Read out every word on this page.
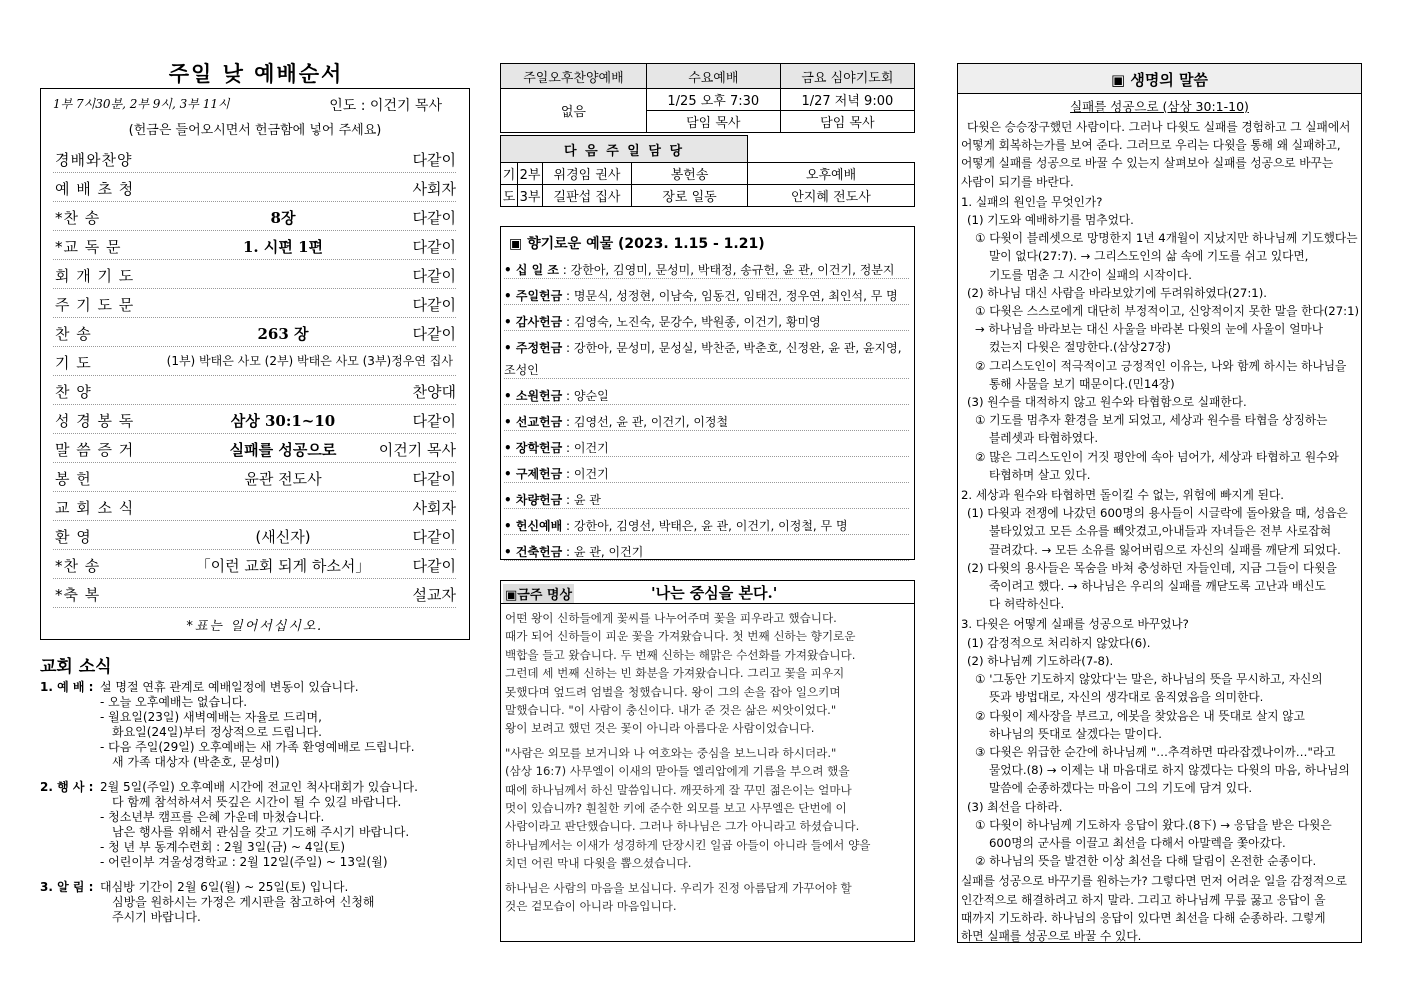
주일 낮 예배순서
1부 7시30분, 2부 9시, 3부 11시	인도 : 이건기 목사
(헌금은 들어오시면서 헌금함에 넣어 주세요)
경배와찬양	다같이
예 배 초 청	사회자
*찬 송	8장	다같이
*교 독 문	1. 시편 1편	다같이
회 개 기 도	다같이
주 기 도 문	다같이
찬 송	263 장	다같이
기 도	(1부) 박태은 사모 (2부) 박태은 사모 (3부)정우연 집사
찬 양	찬양대
성 경 봉 독	삼상 30:1~10	다같이
말 씀 증 거	실패를 성공으로	이건기 목사
봉 헌	윤관 전도사	다같이
교 회 소 식	사회자
환 영	(새신자)	다같이
*찬 송	「이런 교회 되게 하소서」	다같이
*축 복	설교자
*표는 일어서십시오.
교회 소식
1. 예 배 : 설 명절 연휴 관계로 예배일정에 변동이 있습니다.
- 오늘 오후예배는 없습니다.
- 월요일(23일) 새벽예배는 자율로 드리며,
화요일(24일)부터 정상적으로 드립니다.
- 다음 주일(29일) 오후예배는 새 가족 환영예배로 드립니다.
새 가족 대상자 (박춘호, 문성미)
2. 행 사 : 2월 5일(주일) 오후예배 시간에 전교인 척사대회가 있습니다.
다 함께 참석하셔서 뜻깊은 시간이 될 수 있길 바랍니다.
- 청소년부 캠프를 은혜 가운데 마쳤습니다.
남은 행사를 위해서 관심을 갖고 기도해 주시기 바랍니다.
- 청 년 부 동계수련회 : 2월 3일(금) ~ 4일(토)
- 어린이부 겨울성경학교 : 2월 12일(주일) ~ 13일(월)
3. 알 림 : 대심방 기간이 2월 6일(월) ~ 25일(토) 입니다.
심방을 원하시는 가정은 게시판을 참고하여 신청해
주시기 바랍니다.
주일오후찬양예배	수요예배	금요 심야기도회
없음	1/25 오후 7:30	1/27 저녁 9:00
	담임 목사	담임 목사
다 음 주 일 담 당				
기	2부	위경임 권사	봉헌송	오후예배
도	3부	길판섭 집사	장로 일동	안지혜 전도사
▣ 향기로운 예물 (2023. 1.15 - 1.21)
• 십 일 조 : 강한아, 김영미, 문성미, 박태정, 송규헌, 윤 관, 이건기, 정분지
• 주일헌금 : 명문식, 성정현, 이남숙, 임동건, 임태건, 정우연, 최인석, 무 명
• 감사헌금 : 김영숙, 노진숙, 문강수, 박원종, 이건기, 황미영
• 주정헌금 : 강한아, 문성미, 문성실, 박찬준, 박춘호, 신정완, 윤 관, 윤지영,
조성인
• 소원헌금 : 양순일
• 선교헌금 : 김영선, 윤 관, 이건기, 이정철
• 장학헌금 : 이건기
• 구제헌금 : 이건기
• 차량헌금 : 윤 관
• 헌신예배 : 강한아, 김영선, 박태은, 윤 관, 이건기, 이정철, 무 명
• 건축헌금 : 윤 관, 이건기
▣금주 명상	'나는 중심을 본다.'

어떤 왕이 신하들에게 꽃씨를 나누어주며 꽃을 피우라고 했습니다.
때가 되어 신하들이 피운 꽃을 가져왔습니다. 첫 번째 신하는 향기로운
백합을 들고 왔습니다. 두 번째 신하는 해맑은 수선화를 가져왔습니다.
그런데 세 번째 신하는 빈 화분을 가져왔습니다. 그리고 꽃을 피우지
못했다며 엎드려 엄벌을 청했습니다. 왕이 그의 손을 잡아 일으키며
말했습니다. "이 사람이 충신이다. 내가 준 것은 삶은 씨앗이었다."
왕이 보려고 했던 것은 꽃이 아니라 아름다운 사람이었습니다.

"사람은 외모를 보거니와 나 여호와는 중심을 보느니라 하시더라."
(삼상 16:7) 사무엘이 이새의 맏아들 엘리압에게 기름을 부으려 했을
때에 하나님께서 하신 말씀입니다. 깨끗하게 잘 꾸민 젊은이는 얼마나
멋이 있습니까? 훤칠한 키에 준수한 외모를 보고 사무엘은 단번에 이
사람이라고 판단했습니다. 그러나 하나님은 그가 아니라고 하셨습니다.
하나님께서는 이새가 성경하게 단장시킨 일곱 아들이 아니라 들에서 양을
치던 어린 막내 다윗을 뽑으셨습니다.

하나님은 사람의 마음을 보십니다. 우리가 진정 아름답게 가꾸어야 할
것은 겉모습이 아니라 마음입니다.

▣ 생명의 말씀
실패를 성공으로 (삼상 30:1-10)
다윗은 승승장구했던 사람이다. 그러나 다윗도 실패를 경험하고 그 실패에서
어떻게 회복하는가를 보여 준다. 그러므로 우리는 다윗을 통해 왜 실패하고,
어떻게 실패를 성공으로 바꿀 수 있는지 살펴보아 실패를 성공으로 바꾸는
사람이 되기를 바란다.
1. 실패의 원인을 무엇인가?
(1) 기도와 예배하기를 멈추었다.
① 다윗이 블레셋으로 망명한지 1년 4개월이 지났지만 하나님께 기도했다는
말이 없다(27:7). → 그리스도인의 삶 속에 기도를 쉬고 있다면,
기도를 멈춘 그 시간이 실패의 시작이다.
(2) 하나님 대신 사람을 바라보았기에 두려워하였다(27:1).
① 다윗은 스스로에게 대단히 부정적이고, 신앙적이지 못한 말을 한다(27:1)
→ 하나님을 바라보는 대신 사울을 바라본 다윗의 눈에 사울이 얼마나
컸는지 다윗은 절망한다.(삼상27장)
② 그리스도인이 적극적이고 긍정적인 이유는, 나와 함께 하시는 하나님을
통해 사물을 보기 때문이다.(민14장)
(3) 원수를 대적하지 않고 원수와 타협함으로 실패한다.
① 기도를 멈추자 환경을 보게 되었고, 세상과 원수를 타협을 상징하는
블레셋과 타협하였다.
② 많은 그리스도인이 거짓 평안에 속아 넘어가, 세상과 타협하고 원수와
타협하며 살고 있다.
2. 세상과 원수와 타협하면 돌이킬 수 없는, 위험에 빠지게 된다.
(1) 다윗과 전쟁에 나갔던 600명의 용사들이 시글락에 돌아왔을 때, 성읍은
불타있었고 모든 소유를 빼앗겼고,아내들과 자녀들은 전부 사로잡혀
끌려갔다. → 모든 소유를 잃어버림으로 자신의 실패를 깨닫게 되었다.
(2) 다윗의 용사들은 목숨을 바쳐 충성하던 자들인데, 지금 그들이 다윗을
죽이려고 했다. → 하나님은 우리의 실패를 깨닫도록 고난과 배신도
다 허락하신다.
3. 다윗은 어떻게 실패를 성공으로 바꾸었나?
(1) 감정적으로 처리하지 않았다(6).
(2) 하나님께 기도하라(7-8).
① '그동안 기도하지 않았다'는 말은, 하나님의 뜻을 무시하고, 자신의
뜻과 방법대로, 자신의 생각대로 움직였음을 의미한다.
② 다윗이 제사장을 부르고, 에봇을 찾았음은 내 뜻대로 살지 않고
하나님의 뜻대로 살겠다는 말이다.
③ 다윗은 위급한 순간에 하나님께 "…추격하면 따라잡겠나이까…"라고
물었다.(8) → 이제는 내 마음대로 하지 않겠다는 다윗의 마음, 하나님의
말씀에 순종하겠다는 마음이 그의 기도에 담겨 있다.
(3) 최선을 다하라.
① 다윗이 하나님께 기도하자 응답이 왔다.(8下) → 응답을 받은 다윗은
600명의 군사를 이끌고 최선을 다해서 아말렉을 쫓아갔다.
② 하나님의 뜻을 발견한 이상 최선을 다해 달림이 온전한 순종이다.
실패를 성공으로 바꾸기를 원하는가? 그렇다면 먼저 어려운 일을 감정적으로
인간적으로 해결하려고 하지 말라. 그리고 하나님께 무릎 꿇고 응답이 올
때까지 기도하라. 하나님의 응답이 있다면 최선을 다해 순종하라. 그렇게
하면 실패를 성공으로 바꿀 수 있다.
